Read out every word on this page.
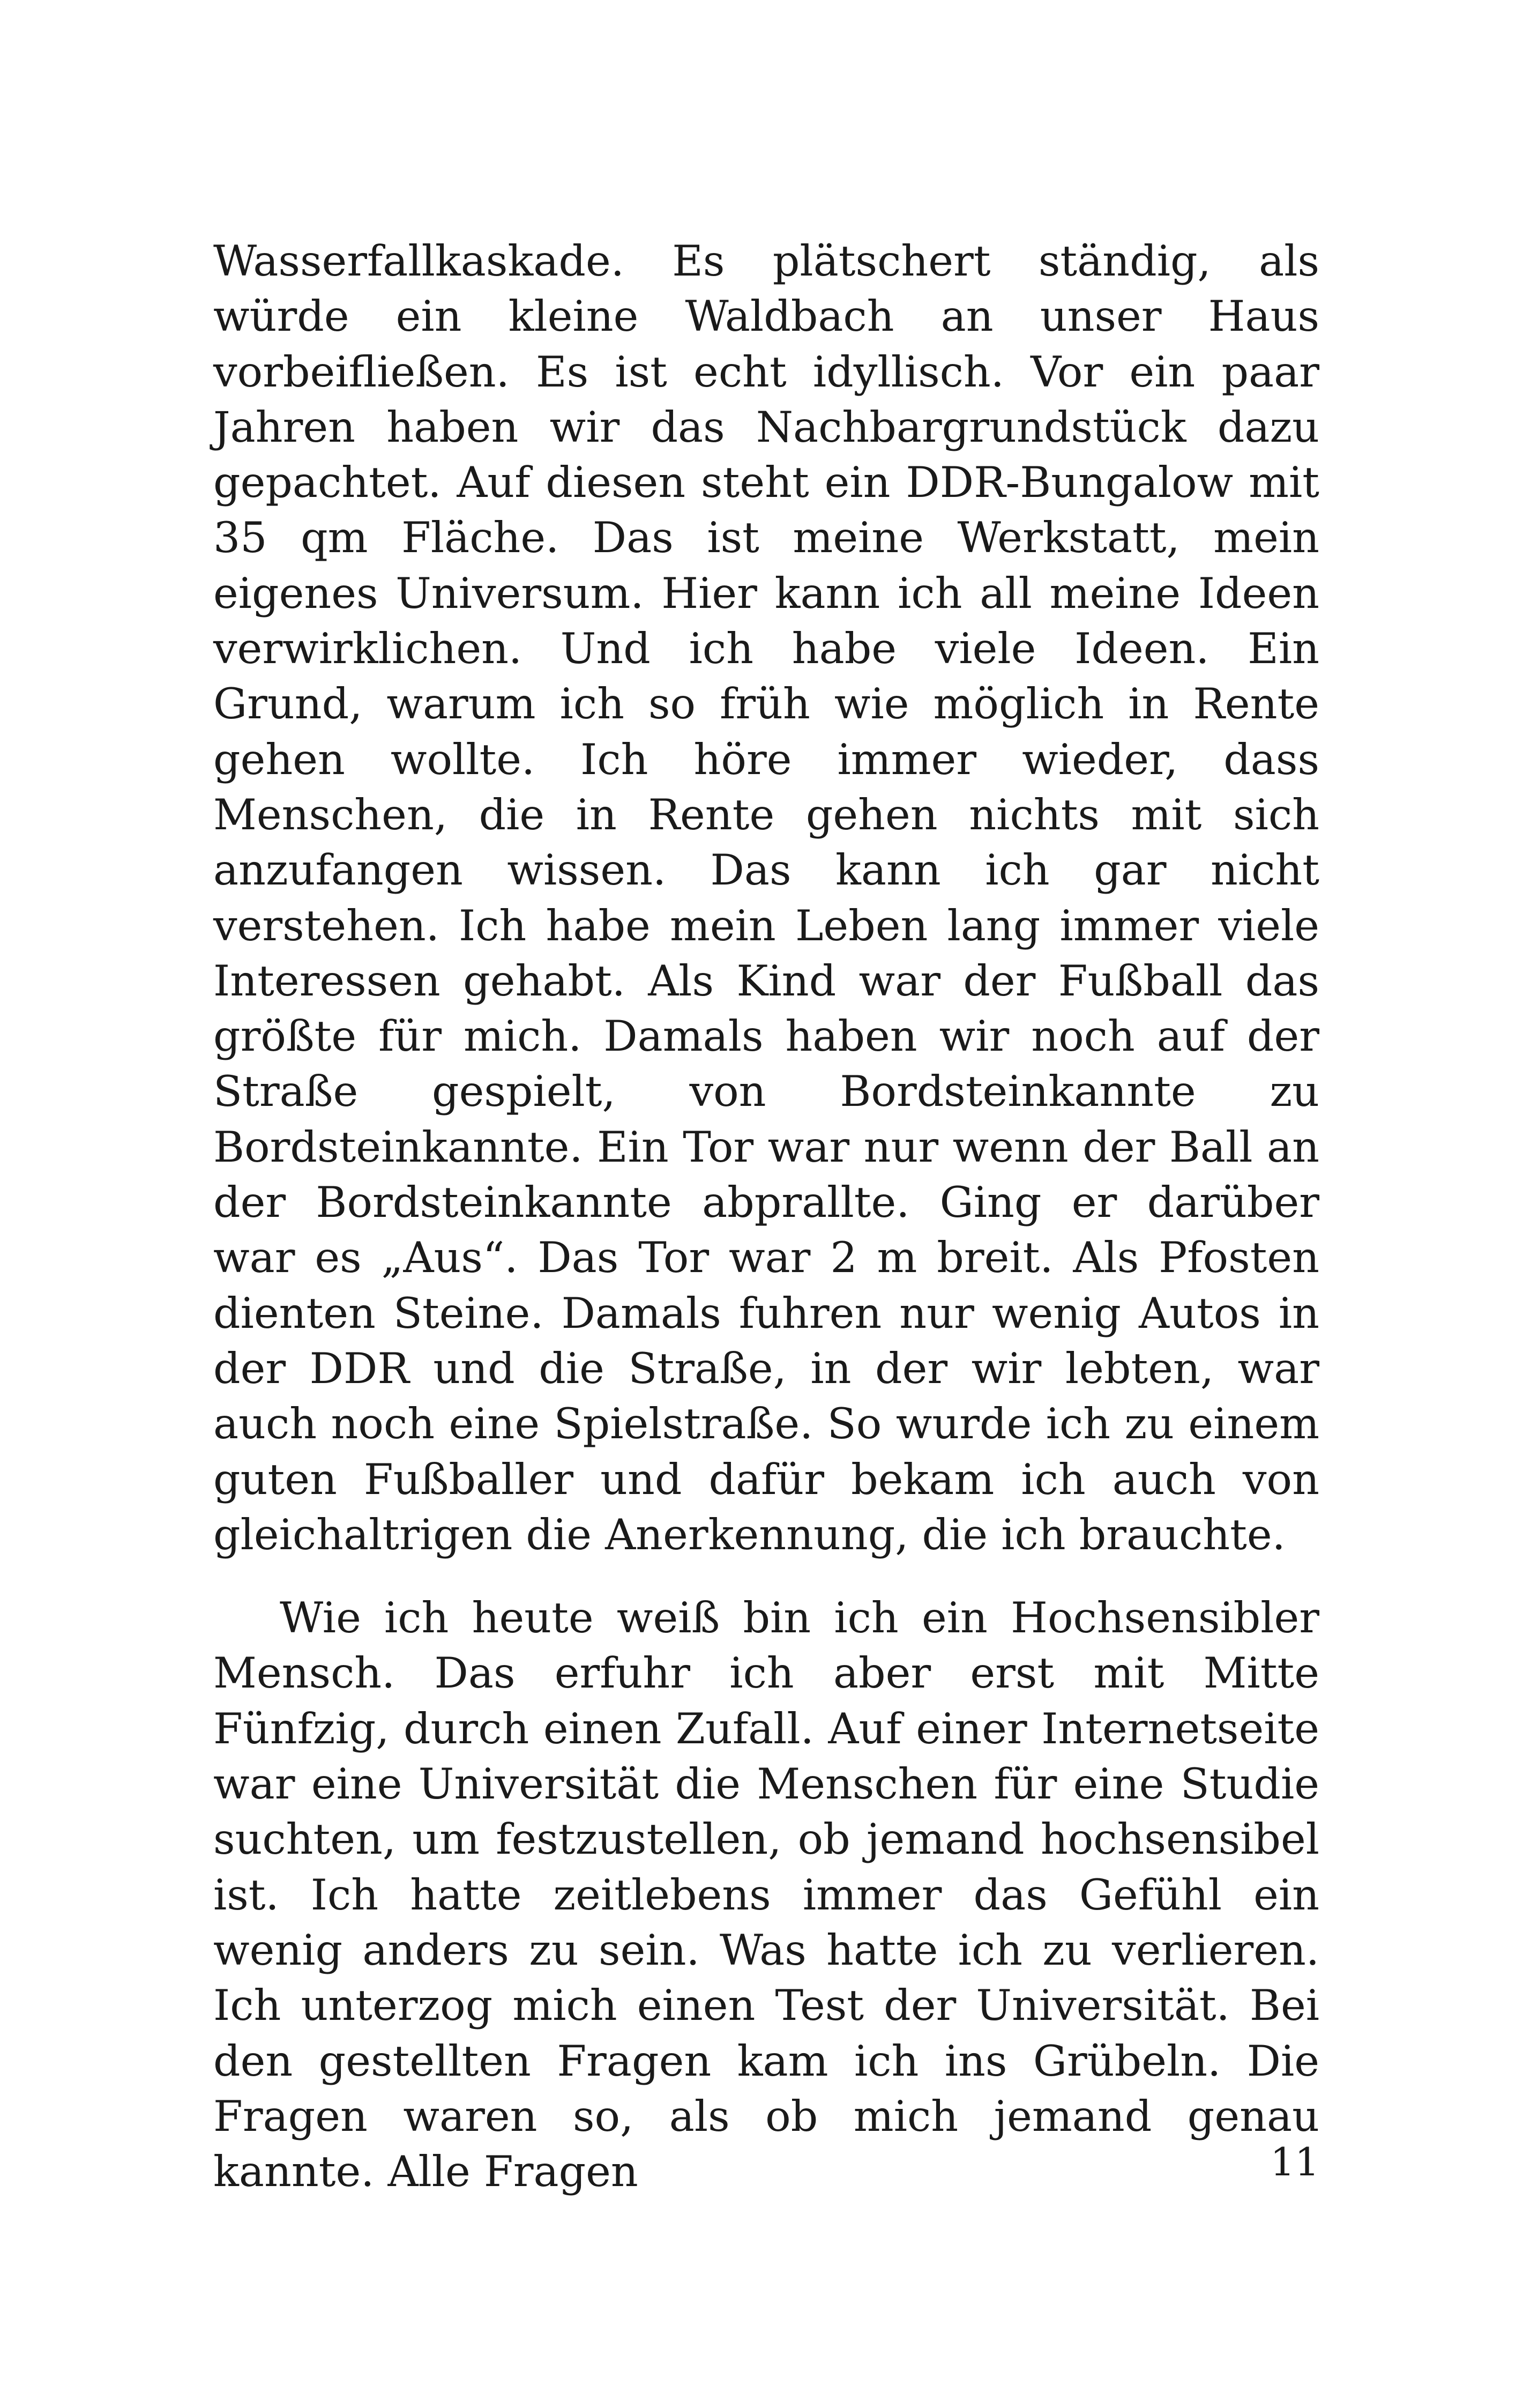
Wasserfallkaskade. Es plätschert ständig, als würde ein kleine Waldbach an unser Haus vorbeifließen. Es ist echt idyllisch. Vor ein paar Jahren haben wir das Nachbargrundstück dazu gepachtet. Auf diesen steht ein DDR-Bungalow mit 35 qm Fläche. Das ist meine Werkstatt, mein eigenes Universum. Hier kann ich all meine Ideen verwirklichen. Und ich habe viele Ideen. Ein Grund, warum ich so früh wie möglich in Rente gehen wollte. Ich höre immer wieder, dass Menschen, die in Rente gehen nichts mit sich anzufangen wissen. Das kann ich gar nicht verstehen. Ich habe mein Leben lang immer viele Interessen gehabt. Als Kind war der Fußball das größte für mich. Damals haben wir noch auf der Straße gespielt, von Bordsteinkannte zu Bordsteinkannte. Ein Tor war nur wenn der Ball an der Bordsteinkannte abprallte. Ging er darüber war es „Aus“. Das Tor war 2 m breit. Als Pfosten dienten Steine. Damals fuhren nur wenig Autos in der DDR und die Straße, in der wir lebten, war auch noch eine Spielstraße. So wurde ich zu einem guten Fußballer und dafür bekam ich auch von gleichaltrigen die Anerkennung, die ich brauchte.

Wie ich heute weiß bin ich ein Hochsensibler Mensch. Das erfuhr ich aber erst mit Mitte Fünfzig, durch einen Zufall. Auf einer Internetseite war eine Universität die Menschen für eine Studie suchten, um festzustellen, ob jemand hochsensibel ist. Ich hatte zeitlebens immer das Gefühl ein wenig anders zu sein. Was hatte ich zu verlieren. Ich unterzog mich einen Test der Universität. Bei den gestellten Fragen kam ich ins Grübeln. Die Fragen waren so, als ob mich jemand genau kannte. Alle Fragen	11
